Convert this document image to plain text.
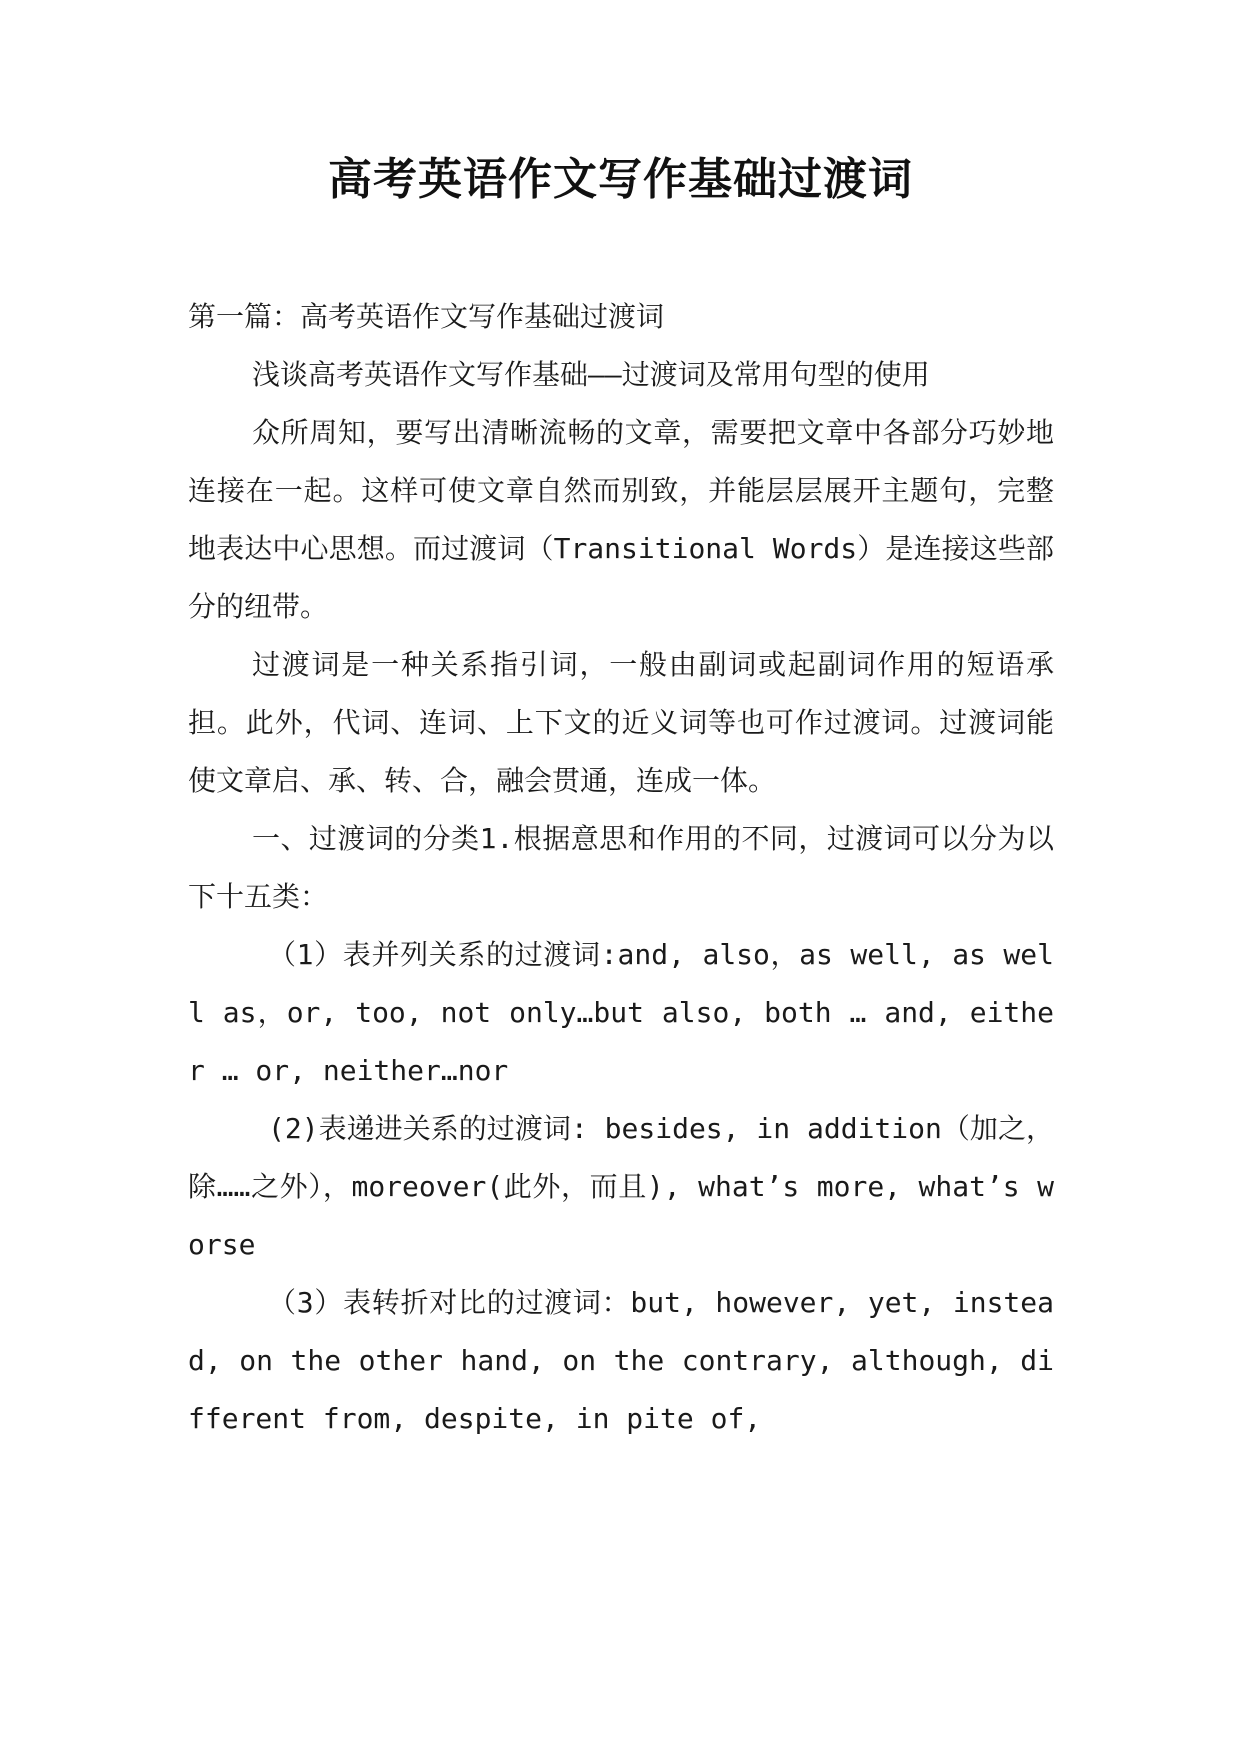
高考英语作文写作基础过渡词

第一篇：高考英语作文写作基础过渡词

浅谈高考英语作文写作基础——过渡词及常用句型的使用

众所周知，要写出清晰流畅的文章，需要把文章中各部分巧妙地连接在一起。这样可使文章自然而别致，并能层层展开主题句，完整地表达中心思想。而过渡词（Transitional Words）是连接这些部分的纽带。

过渡词是一种关系指引词，一般由副词或起副词作用的短语承担。此外，代词、连词、上下文的近义词等也可作过渡词。过渡词能使文章启、承、转、合，融会贯通，连成一体。

一、过渡词的分类1.根据意思和作用的不同，过渡词可以分为以下十五类：

（1）表并列关系的过渡词:and, also，as well, as well as，or, too, not only…but also, both … and, either … or, neither…nor

(2)表递进关系的过渡词: besides, in addition（加之，除……之外），moreover(此外，而且), what’s more, what’s worse

（3）表转折对比的过渡词：but, however, yet, instead, on the other hand, on the contrary, although, different from, despite, in pite of,
